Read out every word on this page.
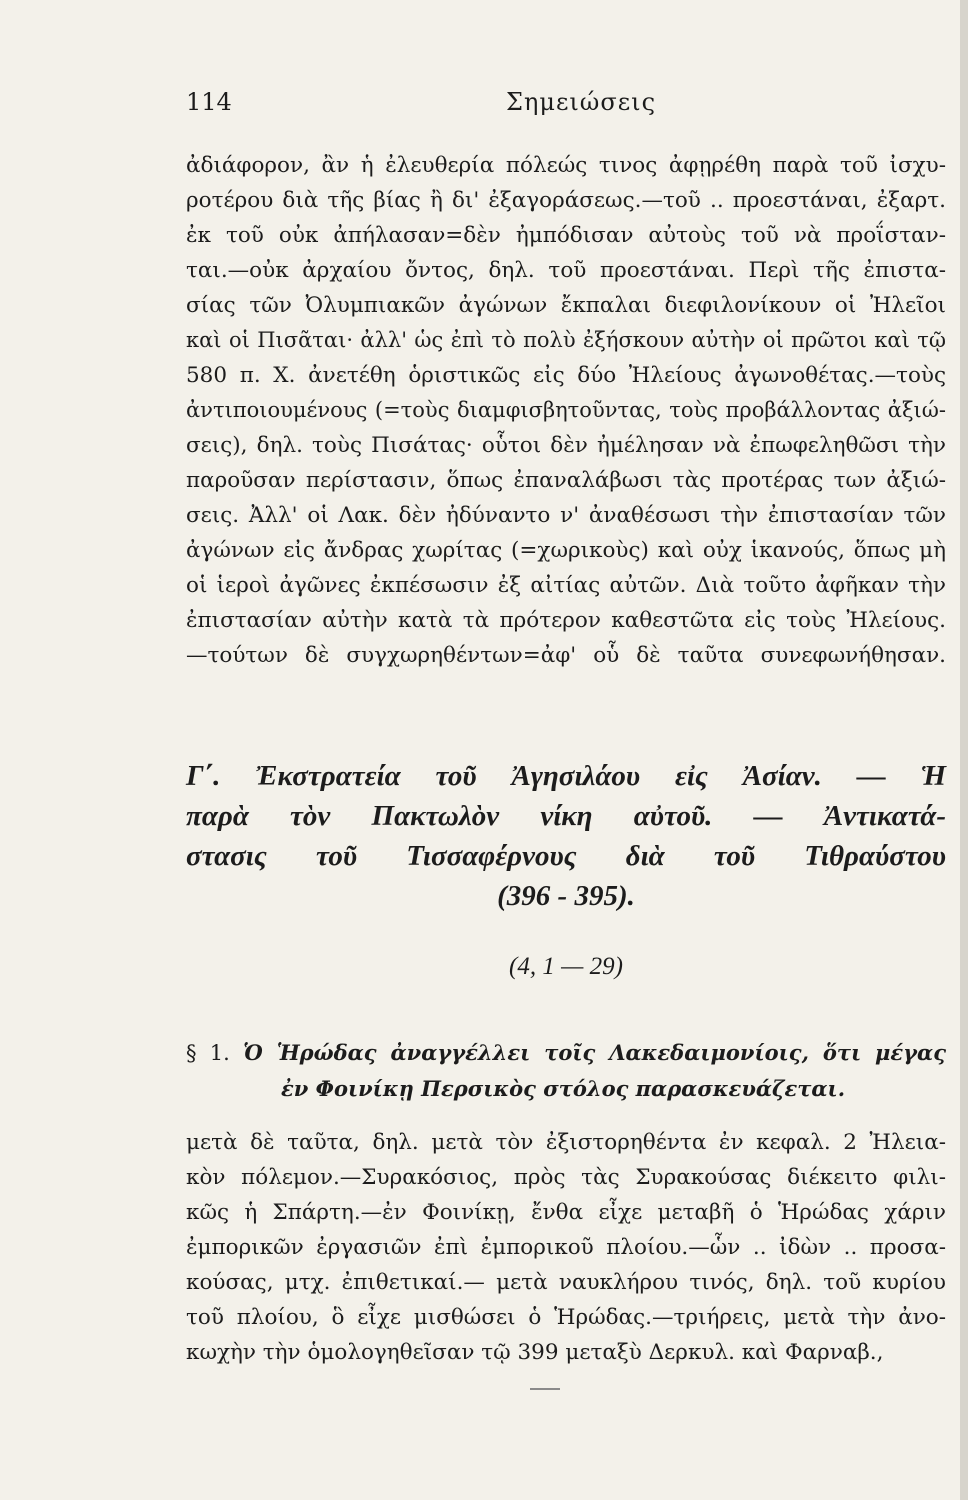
114	Σημειώσεις
ἀδιάφορον, ἂν ἡ ἐλευθερία πόλεώς τινος ἀφῃρέθη παρὰ τοῦ ἰσχυ-
ροτέρου διὰ τῆς βίας ἢ δι' ἐξαγοράσεως.—τοῦ .. προεστάναι, ἐξαρτ.
ἐκ τοῦ οὐκ ἀπήλασαν=δὲν ἠμπόδισαν αὐτοὺς τοῦ νὰ προΐσταν-
ται.—οὐκ ἀρχαίου ὄντος, δηλ. τοῦ προεστάναι. Περὶ τῆς ἐπιστα-
σίας τῶν Ὀλυμπιακῶν ἀγώνων ἔκπαλαι διεφιλονίκουν οἱ Ἠλεῖοι
καὶ οἱ Πισᾶται· ἀλλ' ὡς ἐπὶ τὸ πολὺ ἐξήσκουν αὐτὴν οἱ πρῶτοι καὶ τῷ
580 π. Χ. ἀνετέθη ὁριστικῶς εἰς δύο Ἠλείους ἀγωνοθέτας.—τοὺς
ἀντιποιουμένους (=τοὺς διαμφισβητοῦντας, τοὺς προβάλλοντας ἀξιώ-
σεις), δηλ. τοὺς Πισάτας· οὗτοι δὲν ἠμέλησαν νὰ ἐπωφεληθῶσι τὴν
παροῦσαν περίστασιν, ὅπως ἐπαναλάβωσι τὰς προτέρας των ἀξιώ-
σεις. Ἀλλ' οἱ Λακ. δὲν ἠδύναντο ν' ἀναθέσωσι τὴν ἐπιστασίαν τῶν
ἀγώνων εἰς ἄνδρας χωρίτας (=χωρικοὺς) καὶ οὐχ ἱκανούς, ὅπως μὴ
οἱ ἱεροὶ ἀγῶνες ἐκπέσωσιν ἐξ αἰτίας αὐτῶν. Διὰ τοῦτο ἀφῆκαν τὴν
ἐπιστασίαν αὐτὴν κατὰ τὰ πρότερον καθεστῶτα εἰς τοὺς Ἠλείους.
—τούτων δὲ συγχωρηθέντων=ἀφ' οὗ δὲ ταῦτα συνεφωνήθησαν.
Γ΄. Ἐκστρατεία τοῦ Ἀγησιλάου εἰς Ἀσίαν. — Ἡ
παρὰ τὸν Πακτωλὸν νίκη αὐτοῦ. — Ἀντικατά-
στασις τοῦ Τισσαφέρνους διὰ τοῦ Τιθραύστου
(396 - 395).
(4, 1 — 29)
§ 1. Ὁ Ἡρώδας ἀναγγέλλει τοῖς Λακεδαιμονίοις, ὅτι μέγας
ἐν Φοινίκῃ Περσικὸς στόλος παρασκευάζεται.
μετὰ δὲ ταῦτα, δηλ. μετὰ τὸν ἐξιστορηθέντα ἐν κεφαλ. 2 Ἠλεια-
κὸν πόλεμον.—Συρακόσιος, πρὸς τὰς Συρακούσας διέκειτο φιλι-
κῶς ἡ Σπάρτη.—ἐν Φοινίκῃ, ἔνθα εἶχε μεταβῆ ὁ Ἡρώδας χάριν
ἐμπορικῶν ἐργασιῶν ἐπὶ ἐμπορικοῦ πλοίου.—ὧν .. ἰδὼν .. προσα-
κούσας, μτχ. ἐπιθετικαί.— μετὰ ναυκλήρου τινός, δηλ. τοῦ κυρίου
τοῦ πλοίου, ὃ εἶχε μισθώσει ὁ Ἡρώδας.—τριήρεις, μετὰ τὴν ἀνο-
κωχὴν τὴν ὁμολογηθεῖσαν τῷ 399 μεταξὺ Δερκυλ. καὶ Φαρναβ.,
